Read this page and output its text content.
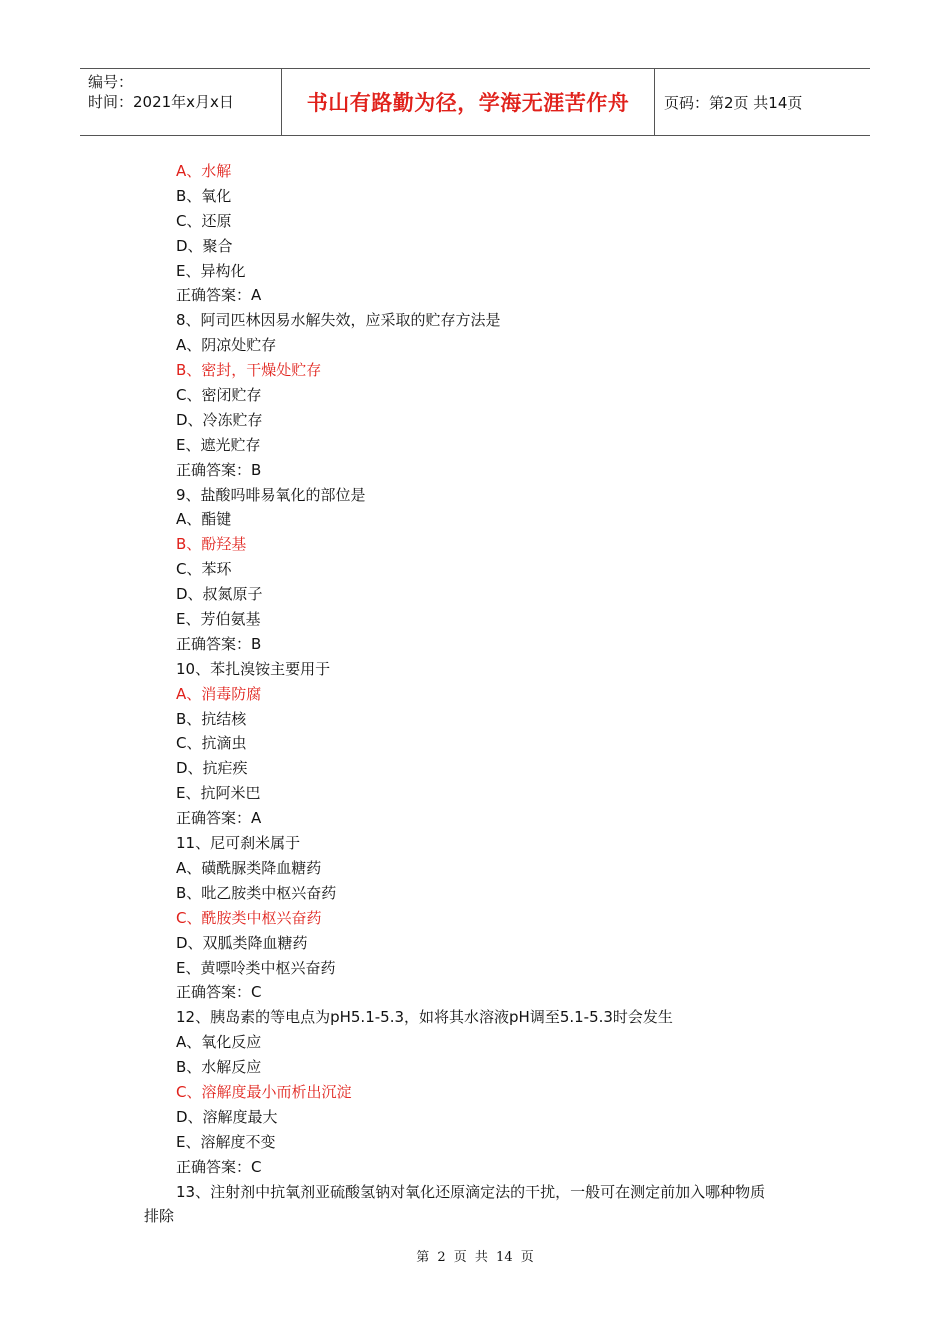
编号：
时间：2021年x月x日	书山有路勤为径，学海无涯苦作舟 页码：第2页 共14页
A、水解
B、氧化
C、还原
D、聚合
E、异构化
正确答案：A
8、阿司匹林因易水解失效，应采取的贮存方法是
A、阴凉处贮存
B、密封，干燥处贮存
C、密闭贮存
D、冷冻贮存
E、遮光贮存
正确答案：B
9、盐酸吗啡易氧化的部位是
A、酯键
B、酚羟基
C、苯环
D、叔氮原子
E、芳伯氨基
正确答案：B
10、苯扎溴铵主要用于
A、消毒防腐
B、抗结核
C、抗滴虫
D、抗疟疾
E、抗阿米巴
正确答案：A
11、尼可刹米属于
A、磺酰脲类降血糖药
B、吡乙胺类中枢兴奋药
C、酰胺类中枢兴奋药
D、双胍类降血糖药
E、黄嘌呤类中枢兴奋药
正确答案：C
12、胰岛素的等电点为pH5.1-5.3，如将其水溶液pH调至5.1-5.3时会发生
A、氧化反应
B、水解反应
C、溶解度最小而析出沉淀
D、溶解度最大
E、溶解度不变
正确答案：C
13、注射剂中抗氧剂亚硫酸氢钠对氧化还原滴定法的干扰，一般可在测定前加入哪种物质
排除
第 2 页 共 14 页
